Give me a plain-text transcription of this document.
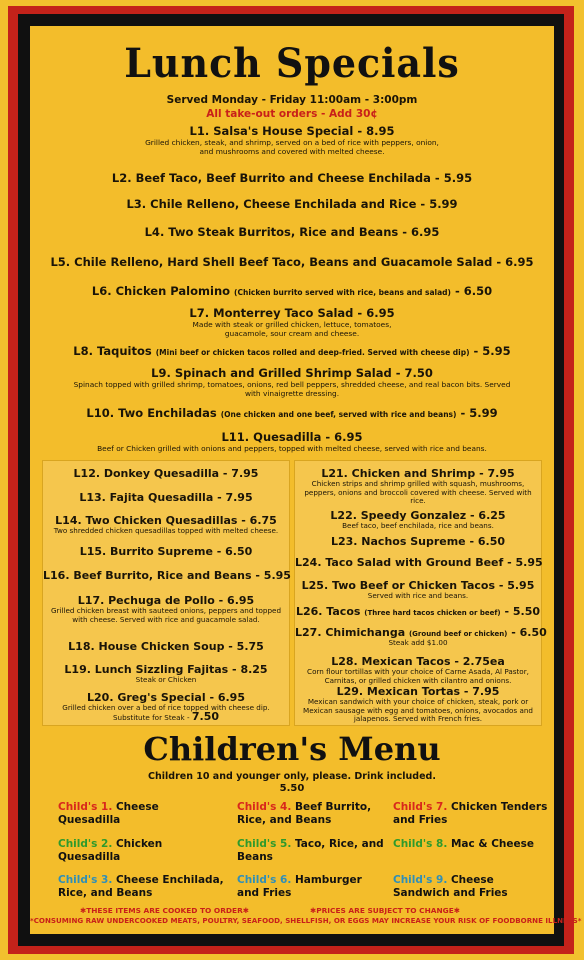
Lunch Specials
Served Monday - Friday 11:00am - 3:00pm
All take-out orders - Add 30¢
L1. Salsa's House Special - 8.95
Grilled chicken, steak, and shrimp, served on a bed of rice with peppers, onion, and mushrooms and covered with melted cheese.
L2. Beef Taco, Beef Burrito and Cheese Enchilada - 5.95
L3. Chile Relleno, Cheese Enchilada and Rice - 5.99
L4. Two Steak Burritos, Rice and Beans - 6.95
L5. Chile Relleno, Hard Shell Beef Taco, Beans and Guacamole Salad - 6.95
L6. Chicken Palomino (Chicken burrito served with rice, beans and salad) - 6.50
L7. Monterrey Taco Salad - 6.95
Made with steak or grilled chicken, lettuce, tomatoes, guacamole, sour cream and cheese.
L8. Taquitos (Mini beef or chicken tacos rolled and deep-fried. Served with cheese dip) - 5.95
L9. Spinach and Grilled Shrimp Salad - 7.50
Spinach topped with grilled shrimp, tomatoes, onions, red bell peppers, shredded cheese, and real bacon bits. Served with vinaigrette dressing.
L10. Two Enchiladas (One chicken and one beef, served with rice and beans) - 5.99
L11. Quesadilla - 6.95
Beef or Chicken grilled with onions and peppers, topped with melted cheese, served with rice and beans.
L12. Donkey Quesadilla - 7.95
L13. Fajita Quesadilla - 7.95
L14. Two Chicken Quesadillas - 6.75
Two shredded chicken quesadillas topped with melted cheese.
L15. Burrito Supreme - 6.50
L16. Beef Burrito, Rice and Beans - 5.95
L17. Pechuga de Pollo - 6.95
Grilled chicken breast with sauteed onions, peppers and topped with cheese. Served with rice and guacamole salad.
L18. House Chicken Soup - 5.75
L19. Lunch Sizzling Fajitas - 8.25
Steak or Chicken
L20. Greg's Special - 6.95
Grilled chicken over a bed of rice topped with cheese dip.
Substitute for Steak - 7.50
L21. Chicken and Shrimp - 7.95
Chicken strips and shrimp grilled with squash, mushrooms, peppers, onions and broccoli covered with cheese. Served with rice.
L22. Speedy Gonzalez - 6.25
Beef taco, beef enchilada, rice and beans.
L23. Nachos Supreme - 6.50
L24. Taco Salad with Ground Beef - 5.95
L25. Two Beef or Chicken Tacos - 5.95
Served with rice and beans.
L26. Tacos (Three hard tacos chicken or beef) - 5.50
L27. Chimichanga (Ground beef or chicken) - 6.50
Steak add $1.00
L28. Mexican Tacos - 2.75ea
Corn flour tortillas with your choice of Carne Asada, Al Pastor, Carnitas, or grilled chicken with cilantro and onions.
L29. Mexican Tortas - 7.95
Mexican sandwich with your choice of chicken, steak, pork or Mexican sausage with egg and tomatoes, onions, avocados and jalapenos. Served with French fries.
Children's Menu
Children 10 and younger only, please. Drink included.
5.50
Child's 1. Cheese Quesadilla
Child's 4. Beef Burrito, Rice, and Beans
Child's 7. Chicken Tenders and Fries
Child's 2. Chicken Quesadilla
Child's 5. Taco, Rice, and Beans
Child's 8. Mac & Cheese
Child's 3. Cheese Enchilada, Rice, and Beans
Child's 6. Hamburger and Fries
Child's 9. Cheese Sandwich and Fries
✱THESE ITEMS ARE COOKED TO ORDER✱	✱PRICES ARE SUBJECT TO CHANGE✱
*CONSUMING RAW UNDERCOOKED MEATS, POULTRY, SEAFOOD, SHELLFISH, OR EGGS MAY INCREASE YOUR RISK OF FOODBORNE ILLNESS*
